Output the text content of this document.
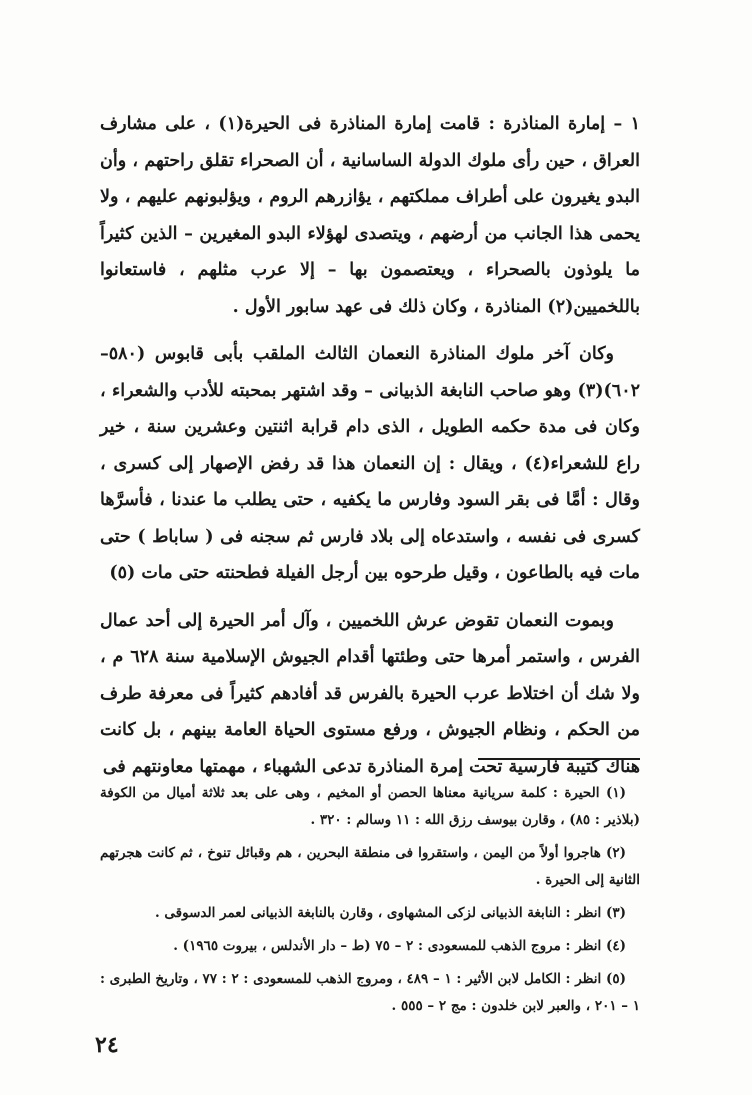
١ – إمارة المناذرة : قامت إمارة المناذرة فى الحيرة(١) ، على مشارف العراق ، حين رأى ملوك الدولة الساسانية ، أن الصحراء تقلق راحتهم ، وأن البدو يغيرون على أطراف مملكتهم ، يؤازرهم الروم ، ويؤلبونهم عليهم ، ولا يحمى هذا الجانب من أرضهم ، ويتصدى لهؤلاء البدو المغيرين – الذين كثيراً ما يلوذون بالصحراء ، ويعتصمون بها – إلا عرب مثلهم ، فاستعانوا باللخميين(٢) المناذرة ، وكان ذلك فى عهد سابور الأول .

وكان آخر ملوك المناذرة النعمان الثالث الملقب بأبى قابوس (٥٨٠–٦٠٢)(٣) وهو صاحب النابغة الذبيانى – وقد اشتهر بمحبته للأدب والشعراء ، وكان فى مدة حكمه الطويل ، الذى دام قرابة اثنتين وعشرين سنة ، خير راع للشعراء(٤) ، ويقال : إن النعمان هذا قد رفض الإصهار إلى كسرى ، وقال : أمَّا فى بقر السود وفارس ما يكفيه ، حتى يطلب ما عندنا ، فأسرَّها كسرى فى نفسه ، واستدعاه إلى بلاد فارس ثم سجنه فى ( ساباط ) حتى مات فيه بالطاعون ، وقيل طرحوه بين أرجل الفيلة فطحنته حتى مات (٥)

وبموت النعمان تقوض عرش اللخميين ، وآل أمر الحيرة إلى أحد عمال الفرس ، واستمر أمرها حتى وطئتها أقدام الجيوش الإسلامية سنة ٦٢٨ م ، ولا شك أن اختلاط عرب الحيرة بالفرس قد أفادهم كثيراً فى معرفة طرف من الحكم ، ونظام الجيوش ، ورفع مستوى الحياة العامة بينهم ، بل كانت هناك كتيبة فارسية تحت إمرة المناذرة تدعى الشهباء ، مهمتها معاونتهم فى

(١) الحيرة : كلمة سريانية معناها الحصن أو المخيم ، وهى على بعد ثلاثة أميال من الكوفة (بلاذير : ٨٥) ، وقارن بيوسف رزق الله : ١١ وسالم : ٣٢٠ .

(٢) هاجروا أولاً من اليمن ، واستقروا فى منطقة البحرين ، هم وقبائل تنوخ ، ثم كانت هجرتهم الثانية إلى الحيرة .

(٣) انظر : النابغة الذبيانى لزكى المشهاوى ، وقارن بالنابغة الذبيانى لعمر الدسوقى .

(٤) انظر : مروج الذهب للمسعودى : ٢ – ٧٥ (ط – دار الأندلس ، بيروت ١٩٦٥) .

(٥) انظر : الكامل لابن الأثير : ١ – ٤٨٩ ، ومروج الذهب للمسعودى : ٢ : ٧٧ ، وتاريخ الطبرى : ١ – ٢٠١ ، والعبر لابن خلدون : مج ٢ – ٥٥٥ .

٢٤
